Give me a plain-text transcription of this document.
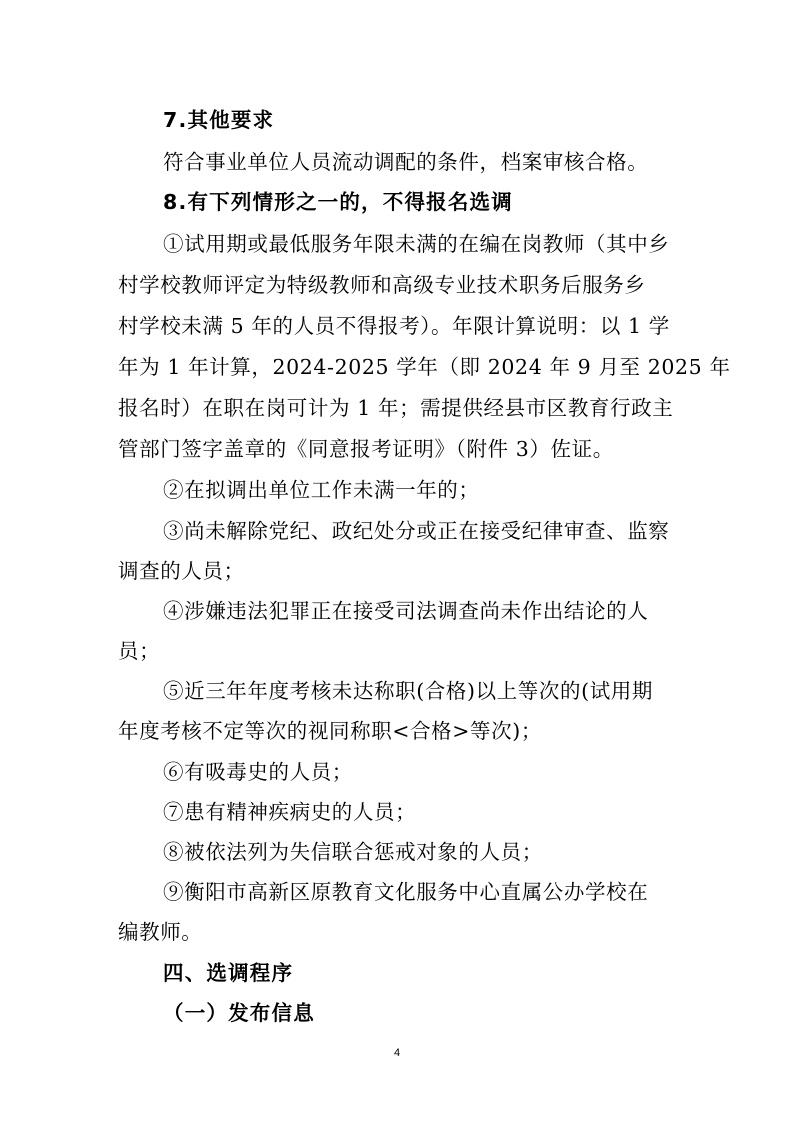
7.其他要求
符合事业单位人员流动调配的条件，档案审核合格。
8.有下列情形之一的，不得报名选调
①试用期或最低服务年限未满的在编在岗教师（其中乡
村学校教师评定为特级教师和高级专业技术职务后服务乡
村学校未满 5 年的人员不得报考）。年限计算说明：以 1 学
年为 1 年计算，2024-2025 学年（即 2024 年 9 月至 2025 年
报名时）在职在岗可计为 1 年；需提供经县市区教育行政主
管部门签字盖章的《同意报考证明》（附件 3）佐证。
②在拟调出单位工作未满一年的；
③尚未解除党纪、政纪处分或正在接受纪律审查、监察
调查的人员；
④涉嫌违法犯罪正在接受司法调查尚未作出结论的人
员；
⑤近三年年度考核未达称职(合格)以上等次的(试用期
年度考核不定等次的视同称职<合格>等次)；
⑥有吸毒史的人员；
⑦患有精神疾病史的人员；
⑧被依法列为失信联合惩戒对象的人员；
⑨衡阳市高新区原教育文化服务中心直属公办学校在
编教师。
四、选调程序
（一）发布信息
4
